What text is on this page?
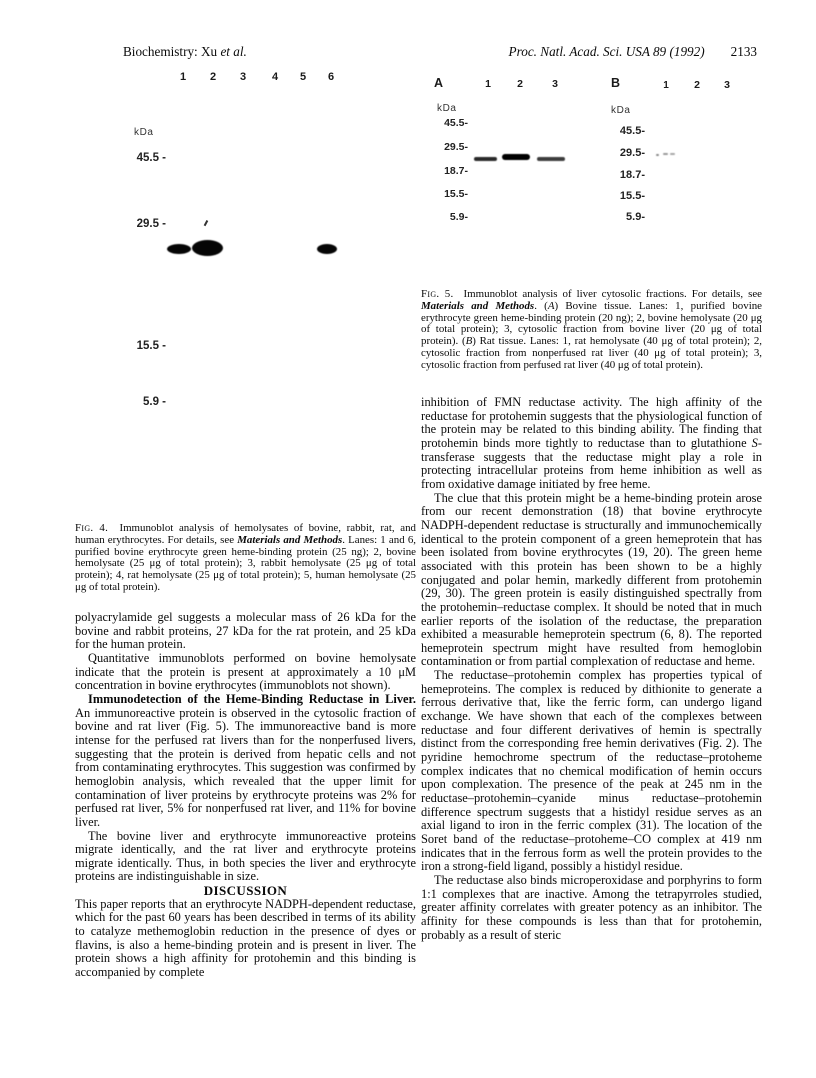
Biochemistry: Xu et al.	Proc. Natl. Acad. Sci. USA 89 (1992) 2133
1	2	3	4	5	6
kDa
45.5 -
29.5 -
15.5 -
5.9 -
A	1	2	3
kDa
45.5-
29.5-
18.7-
15.5-
5.9-
B	1	2	3
kDa
45.5-
29.5-
18.7-
15.5-
5.9-
Fig. 4.  Immunoblot analysis of hemolysates of bovine, rabbit, rat, and human erythrocytes. For details, see Materials and Methods. Lanes: 1 and 6, purified bovine erythrocyte green heme-binding protein (25 ng); 2, bovine hemolysate (25 μg of total protein); 3, rabbit hemolysate (25 μg of total protein); 4, rat hemolysate (25 μg of total protein); 5, human hemolysate (25 μg of total protein).
Fig. 5.  Immunoblot analysis of liver cytosolic fractions. For details, see Materials and Methods. (A) Bovine tissue. Lanes: 1, purified bovine erythrocyte green heme-binding protein (20 ng); 2, bovine hemolysate (20 μg of total protein); 3, cytosolic fraction from bovine liver (20 μg of total protein). (B) Rat tissue. Lanes: 1, rat hemolysate (40 μg of total protein); 2, cytosolic fraction from nonperfused rat liver (40 μg of total protein); 3, cytosolic fraction from perfused rat liver (40 μg of total protein).

polyacrylamide gel suggests a molecular mass of 26 kDa for the bovine and rabbit proteins, 27 kDa for the rat protein, and 25 kDa for the human protein.

Quantitative immunoblots performed on bovine hemolysate indicate that the protein is present at approximately a 10 μM concentration in bovine erythrocytes (immunoblots not shown).

Immunodetection of the Heme-Binding Reductase in Liver. An immunoreactive protein is observed in the cytosolic fraction of bovine and rat liver (Fig. 5). The immunoreactive band is more intense for the perfused rat livers than for the nonperfused livers, suggesting that the protein is derived from hepatic cells and not from contaminating erythrocytes. This suggestion was confirmed by hemoglobin analysis, which revealed that the upper limit for contamination of liver proteins by erythrocyte proteins was 2% for perfused rat liver, 5% for nonperfused rat liver, and 11% for bovine liver.

The bovine liver and erythrocyte immunoreactive proteins migrate identically, and the rat liver and erythrocyte proteins migrate identically. Thus, in both species the liver and erythrocyte proteins are indistinguishable in size.

DISCUSSION

This paper reports that an erythrocyte NADPH-dependent reductase, which for the past 60 years has been described in terms of its ability to catalyze methemoglobin reduction in the presence of dyes or flavins, is also a heme-binding protein and is present in liver. The protein shows a high affinity for protohemin and this binding is accompanied by complete

inhibition of FMN reductase activity. The high affinity of the reductase for protohemin suggests that the physiological function of the protein may be related to this binding ability. The finding that protohemin binds more tightly to reductase than to glutathione S-transferase suggests that the reductase might play a role in protecting intracellular proteins from heme inhibition as well as from oxidative damage initiated by free heme.

The clue that this protein might be a heme-binding protein arose from our recent demonstration (18) that bovine erythrocyte NADPH-dependent reductase is structurally and immunochemically identical to the protein component of a green hemeprotein that has been isolated from bovine erythrocytes (19, 20). The green heme associated with this protein has been shown to be a highly conjugated and polar hemin, markedly different from protohemin (29, 30). The green protein is easily distinguished spectrally from the protohemin–reductase complex. It should be noted that in much earlier reports of the isolation of the reductase, the preparation exhibited a measurable hemeprotein spectrum (6, 8). The reported hemeprotein spectrum might have resulted from hemoglobin contamination or from partial complexation of reductase and heme.

The reductase–protohemin complex has properties typical of hemeproteins. The complex is reduced by dithionite to generate a ferrous derivative that, like the ferric form, can undergo ligand exchange. We have shown that each of the complexes between reductase and four different derivatives of hemin is spectrally distinct from the corresponding free hemin derivatives (Fig. 2). The pyridine hemochrome spectrum of the reductase–protoheme complex indicates that no chemical modification of hemin occurs upon complexation. The presence of the peak at 245 nm in the reductase–protohemin–cyanide minus reductase–protohemin difference spectrum suggests that a histidyl residue serves as an axial ligand to iron in the ferric complex (31). The location of the Soret band of the reductase–protoheme–CO complex at 419 nm indicates that in the ferrous form as well the protein provides to the iron a strong-field ligand, possibly a histidyl residue.

The reductase also binds microperoxidase and porphyrins to form 1:1 complexes that are inactive. Among the tetrapyrroles studied, greater affinity correlates with greater potency as an inhibitor. The affinity for these compounds is less than that for protohemin, probably as a result of steric
